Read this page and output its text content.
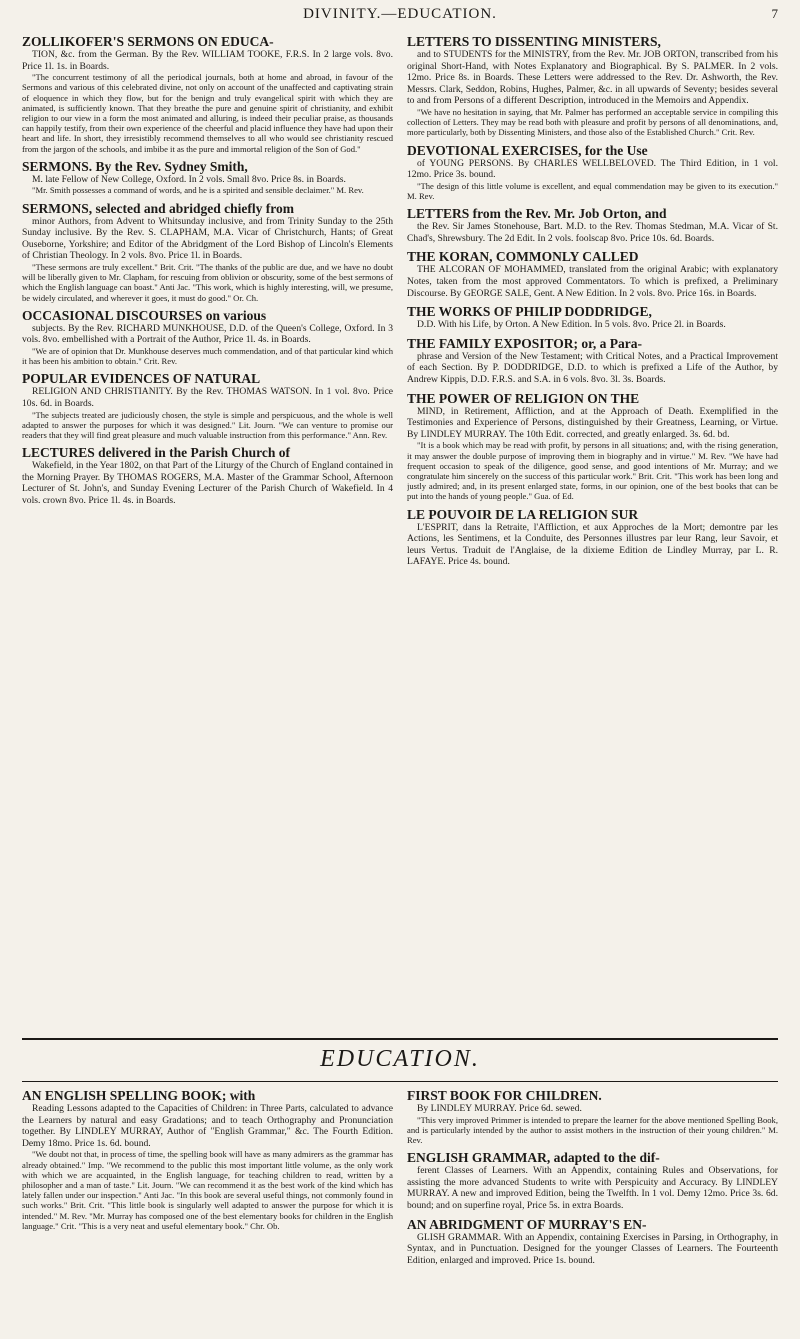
DIVINITY.—EDUCATION.	7

ZOLLIKOFER'S SERMONS ON EDUCA-

TION, &c. from the German. By the Rev. WILLIAM TOOKE, F.R.S. In 2 large vols. 8vo. Price 1l. 1s. in Boards.

"The concurrent testimony of all the periodical journals, both at home and abroad, in favour of the Sermons and various of this celebrated divine, not only on account of the unaffected and captivating strain of eloquence in which they flow, but for the benign and truly evangelical spirit with which they are animated, is sufficiently known. That they breathe the pure and genuine spirit of christianity, and exhibit religion to our view in a form the most animated and alluring, is indeed their peculiar praise, as thousands can happily testify, from their own experience of the cheerful and placid influence they have had upon their heart and life. In short, they irresistibly recommend themselves to all who would see christianity rescued from the jargon of the schools, and imbibe it as the pure and immortal religion of the Son of God."

SERMONS. By the Rev. Sydney Smith,

M. late Fellow of New College, Oxford. In 2 vols. Small 8vo. Price 8s. in Boards.

"Mr. Smith possesses a command of words, and he is a spirited and sensible declaimer." M. Rev.

SERMONS, selected and abridged chiefly from

minor Authors, from Advent to Whitsunday inclusive, and from Trinity Sunday to the 25th Sunday inclusive. By the Rev. S. CLAPHAM, M.A. Vicar of Christchurch, Hants; of Great Ouseborne, Yorkshire; and Editor of the Abridgment of the Lord Bishop of Lincoln's Elements of Christian Theology. In 2 vols. 8vo. Price 1l. in Boards.

"These sermons are truly excellent." Brit. Crit. "The thanks of the public are due, and we have no doubt will be liberally given to Mr. Clapham, for rescuing from oblivion or obscurity, some of the best sermons of which the English language can boast." Anti Jac. "This work, which is highly interesting, will, we presume, be widely circulated, and wherever it goes, it must do good." Or. Ch.

OCCASIONAL DISCOURSES on various

subjects. By the Rev. RICHARD MUNKHOUSE, D.D. of the Queen's College, Oxford. In 3 vols. 8vo. embellished with a Portrait of the Author, Price 1l. 4s. in Boards.

"We are of opinion that Dr. Munkhouse deserves much commendation, and of that particular kind which it has been his ambition to obtain." Crit. Rev.

POPULAR EVIDENCES OF NATURAL

RELIGION AND CHRISTIANITY. By the Rev. THOMAS WATSON. In 1 vol. 8vo. Price 10s. 6d. in Boards.

"The subjects treated are judiciously chosen, the style is simple and perspicuous, and the whole is well adapted to answer the purposes for which it was designed." Lit. Journ. "We can venture to promise our readers that they will find great pleasure and much valuable instruction from this performance." Ann. Rev.

LECTURES delivered in the Parish Church of

Wakefield, in the Year 1802, on that Part of the Liturgy of the Church of England contained in the Morning Prayer. By THOMAS ROGERS, M.A. Master of the Grammar School, Afternoon Lecturer of St. John's, and Sunday Evening Lecturer of the Parish Church of Wakefield. In 4 vols. crown 8vo. Price 1l. 4s. in Boards.

LETTERS TO DISSENTING MINISTERS,

and to STUDENTS for the MINISTRY, from the Rev. Mr. JOB ORTON, transcribed from his original Short-Hand, with Notes Explanatory and Biographical. By S. PALMER. In 2 vols. 12mo. Price 8s. in Boards. These Letters were addressed to the Rev. Dr. Ashworth, the Rev. Messrs. Clark, Seddon, Robins, Hughes, Palmer, &c. in all upwards of Seventy; besides several to and from Persons of a different Description, introduced in the Memoirs and Appendix.

"We have no hesitation in saying, that Mr. Palmer has performed an acceptable service in compiling this collection of Letters. They may be read both with pleasure and profit by persons of all denominations, and, more particularly, both by Dissenting Ministers, and those also of the Established Church." Crit. Rev.

DEVOTIONAL EXERCISES, for the Use

of YOUNG PERSONS. By CHARLES WELLBELOVED. The Third Edition, in 1 vol. 12mo. Price 3s. bound.

"The design of this little volume is excellent, and equal commendation may be given to its execution." M. Rev.

LETTERS from the Rev. Mr. Job Orton, and

the Rev. Sir James Stonehouse, Bart. M.D. to the Rev. Thomas Stedman, M.A. Vicar of St. Chad's, Shrewsbury. The 2d Edit. In 2 vols. foolscap 8vo. Price 10s. 6d. Boards.

THE KORAN, COMMONLY CALLED

THE ALCORAN OF MOHAMMED, translated from the original Arabic; with explanatory Notes, taken from the most approved Commentators. To which is prefixed, a Preliminary Discourse. By GEORGE SALE, Gent. A New Edition. In 2 vols. 8vo. Price 16s. in Boards.

THE WORKS OF PHILIP DODDRIDGE,

D.D. With his Life, by Orton. A New Edition. In 5 vols. 8vo. Price 2l. in Boards.

THE FAMILY EXPOSITOR; or, a Para-

phrase and Version of the New Testament; with Critical Notes, and a Practical Improvement of each Section. By P. DODDRIDGE, D.D. to which is prefixed a Life of the Author, by Andrew Kippis, D.D. F.R.S. and S.A. in 6 vols. 8vo. 3l. 3s. Boards.

THE POWER OF RELIGION ON THE

MIND, in Retirement, Affliction, and at the Approach of Death. Exemplified in the Testimonies and Experience of Persons, distinguished by their Greatness, Learning, or Virtue. By LINDLEY MURRAY. The 10th Edit. corrected, and greatly enlarged. 3s. 6d. bd.

"It is a book which may be read with profit, by persons in all situations; and, with the rising generation, it may answer the double purpose of improving them in biography and in virtue." M. Rev. "We have had frequent occasion to speak of the diligence, good sense, and good intentions of Mr. Murray; and we congratulate him sincerely on the success of this particular work." Brit. Crit. "This work has been long and justly admired; and, in its present enlarged state, forms, in our opinion, one of the best books that can be put into the hands of young people." Gua. of Ed.

LE POUVOIR DE LA RELIGION SUR

L'ESPRIT, dans la Retraite, l'Affliction, et aux Approches de la Mort; demontre par les Actions, les Sentimens, et la Conduite, des Personnes illustres par leur Rang, leur Savoir, et leurs Vertus. Traduit de l'Anglaise, de la dixieme Edition de Lindley Murray, par L. R. LAFAYE. Price 4s. bound.

EDUCATION.

AN ENGLISH SPELLING BOOK; with

Reading Lessons adapted to the Capacities of Children: in Three Parts, calculated to advance the Learners by natural and easy Gradations; and to teach Orthography and Pronunciation together. By LINDLEY MURRAY, Author of "English Grammar," &c. The Fourth Edition. Demy 18mo. Price 1s. 6d. bound.

"We doubt not that, in process of time, the spelling book will have as many admirers as the grammar has already obtained." Imp. "We recommend to the public this most important little volume, as the only work with which we are acquainted, in the English language, for teaching children to read, written by a philosopher and a man of taste." Lit. Journ. "We can recommend it as the best work of the kind which has lately fallen under our inspection." Anti Jac. "In this book are several useful things, not commonly found in such works." Brit. Crit. "This little book is singularly well adapted to answer the purpose for which it is intended." M. Rev. "Mr. Murray has composed one of the best elementary books for children in the English language." Crit. "This is a very neat and useful elementary book." Chr. Ob.

FIRST BOOK FOR CHILDREN.

By LINDLEY MURRAY. Price 6d. sewed.

"This very improved Primmer is intended to prepare the learner for the above mentioned Spelling Book, and is particularly intended by the author to assist mothers in the instruction of their young children." M. Rev.

ENGLISH GRAMMAR, adapted to the dif-

ferent Classes of Learners. With an Appendix, containing Rules and Observations, for assisting the more advanced Students to write with Perspicuity and Accuracy. By LINDLEY MURRAY. A new and improved Edition, being the Twelfth. In 1 vol. Demy 12mo. Price 3s. 6d. bound; and on superfine royal, Price 5s. in extra Boards.

AN ABRIDGMENT OF MURRAY'S EN-

GLISH GRAMMAR. With an Appendix, containing Exercises in Parsing, in Orthography, in Syntax, and in Punctuation. Designed for the younger Classes of Learners. The Fourteenth Edition, enlarged and improved. Price 1s. bound.
